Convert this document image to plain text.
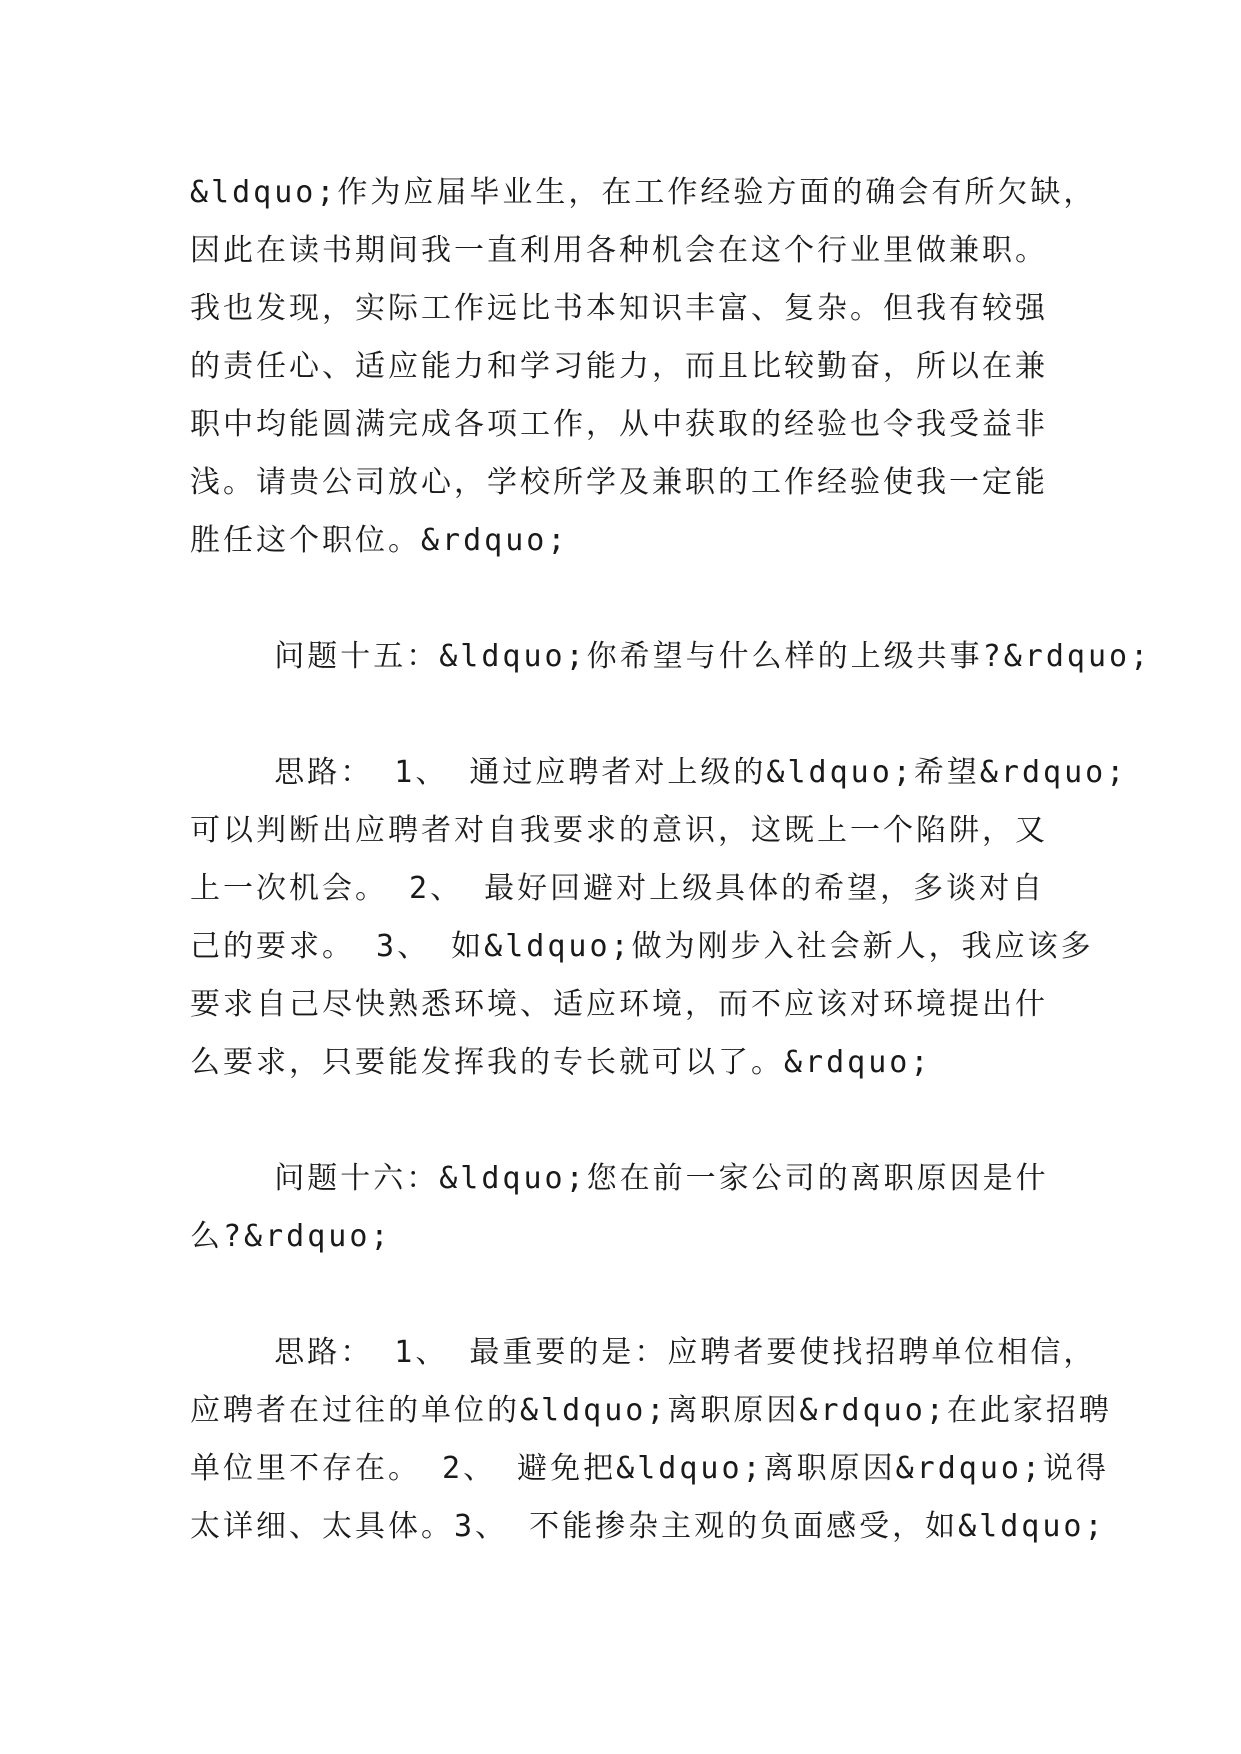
&ldquo;作为应届毕业生，在工作经验方面的确会有所欠缺，
因此在读书期间我一直利用各种机会在这个行业里做兼职。
我也发现，实际工作远比书本知识丰富、复杂。但我有较强
的责任心、适应能力和学习能力，而且比较勤奋，所以在兼
职中均能圆满完成各项工作，从中获取的经验也令我受益非
浅。请贵公司放心，学校所学及兼职的工作经验使我一定能
胜任这个职位。&rdquo;

问题十五：&ldquo;你希望与什么样的上级共事?&rdquo;

思路： 1、 通过应聘者对上级的&ldquo;希望&rdquo;
可以判断出应聘者对自我要求的意识，这既上一个陷阱，又
上一次机会。 2、 最好回避对上级具体的希望，多谈对自
己的要求。 3、 如&ldquo;做为刚步入社会新人，我应该多
要求自己尽快熟悉环境、适应环境，而不应该对环境提出什
么要求，只要能发挥我的专长就可以了。&rdquo;

问题十六：&ldquo;您在前一家公司的离职原因是什
么?&rdquo;

思路： 1、 最重要的是：应聘者要使找招聘单位相信，
应聘者在过往的单位的&ldquo;离职原因&rdquo;在此家招聘
单位里不存在。 2、 避免把&ldquo;离职原因&rdquo;说得
太详细、太具体。3、 不能掺杂主观的负面感受，如&ldquo;
